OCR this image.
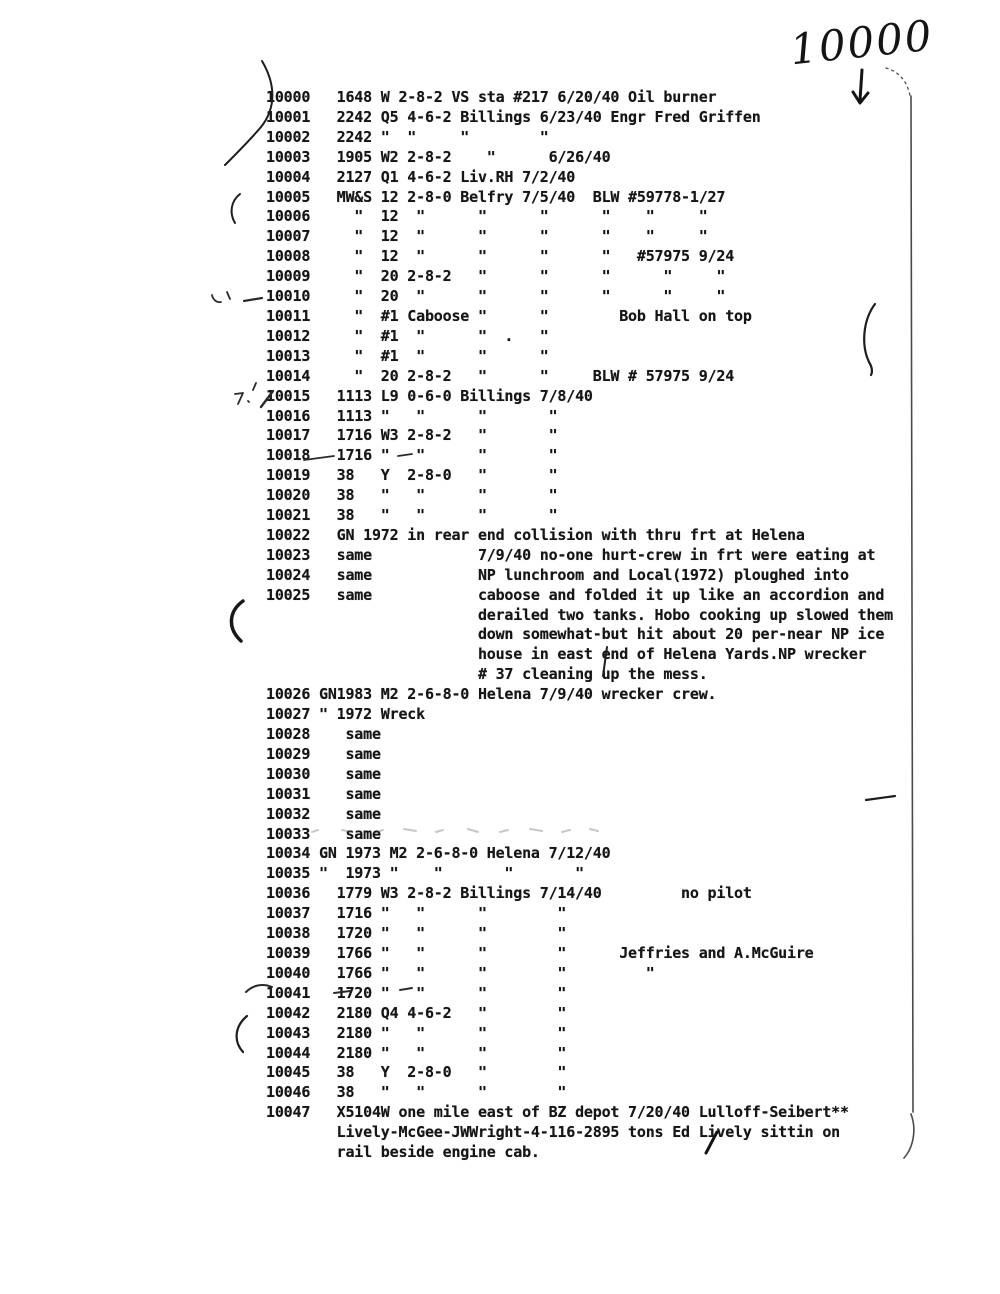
10000
10000   1648 W 2-8-2 VS sta #217 6/20/40 Oil burner
10001   2242 Q5 4-6-2 Billings 6/23/40 Engr Fred Griffen
10002   2242 "  "     "        "
10003   1905 W2 2-8-2    "      6/26/40
10004   2127 Q1 4-6-2 Liv.RH 7/2/40
10005   MW&S 12 2-8-0 Belfry 7/5/40  BLW #59778-1/27
10006     "  12  "      "      "      "    "     "
10007     "  12  "      "      "      "    "     "
10008     "  12  "      "      "      "   #57975 9/24
10009     "  20 2-8-2   "      "      "      "     "
10010     "  20  "      "      "      "      "     "
10011     "  #1 Caboose "      "        Bob Hall on top
10012     "  #1  "      "  .   "
10013     "  #1  "      "      "
10014     "  20 2-8-2   "      "     BLW # 57975 9/24
10015   1113 L9 0-6-0 Billings 7/8/40
10016   1113 "   "      "       "
10017   1716 W3 2-8-2   "       "
10018   1716 "   "      "       "
10019   38   Y  2-8-0   "       "
10020   38   "   "      "       "
10021   38   "   "      "       "
10022   GN 1972 in rear end collision with thru frt at Helena
10023   same            7/9/40 no-one hurt-crew in frt were eating at
10024   same            NP lunchroom and Local(1972) ploughed into
10025   same            caboose and folded it up like an accordion and
derailed two tanks. Hobo cooking up slowed them
down somewhat-but hit about 20 per-near NP ice
house in east end of Helena Yards.NP wrecker
# 37 cleaning up the mess.
10026 GN1983 M2 2-6-8-0 Helena 7/9/40 wrecker crew.
10027 " 1972 Wreck
10028    same
10029    same
10030    same
10031    same
10032    same
10033    same
10034 GN 1973 M2 2-6-8-0 Helena 7/12/40
10035 "  1973 "    "       "       "
10036   1779 W3 2-8-2 Billings 7/14/40         no pilot
10037   1716 "   "      "        "
10038   1720 "   "      "        "
10039   1766 "   "      "        "      Jeffries and A.McGuire
10040   1766 "   "      "        "         "
10041   1720 "   "      "        "
10042   2180 Q4 4-6-2   "        "
10043   2180 "   "      "        "
10044   2180 "   "      "        "
10045   38   Y  2-8-0   "        "
10046   38   "   "      "        "
10047   X5104W one mile east of BZ depot 7/20/40 Lulloff-Seibert**
Lively-McGee-JWWright-4-116-2895 tons Ed Lively sittin on
rail beside engine cab.
